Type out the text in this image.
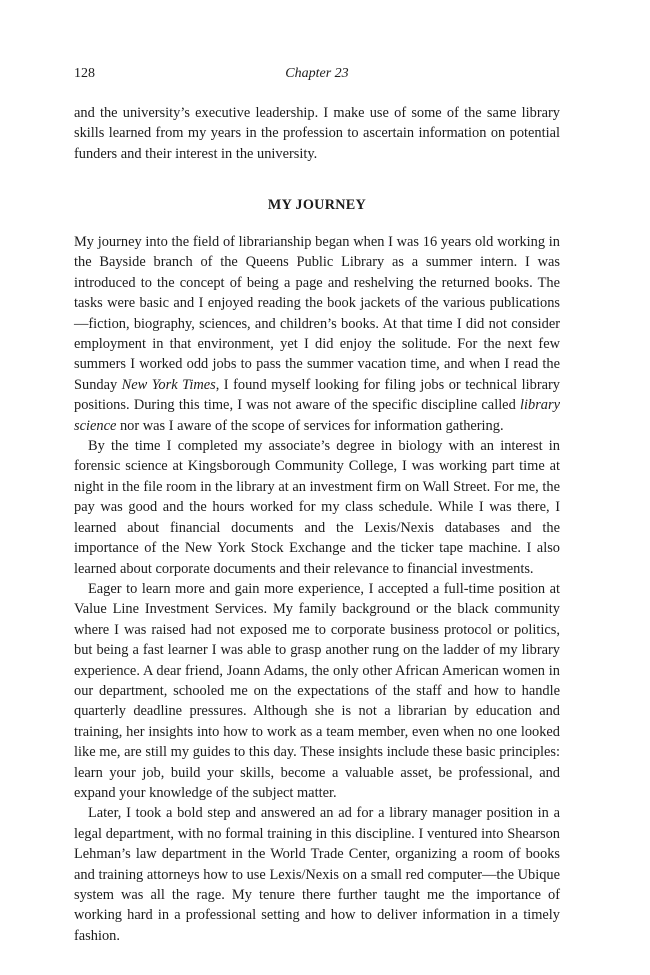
128	Chapter 23

and the university’s executive leadership. I make use of some of the same library skills learned from my years in the profession to ascertain information on potential funders and their interest in the university.

MY JOURNEY

My journey into the field of librarianship began when I was 16 years old working in the Bayside branch of the Queens Public Library as a summer intern. I was introduced to the concept of being a page and reshelving the returned books. The tasks were basic and I enjoyed reading the book jackets of the various publications—fiction, biography, sciences, and children’s books. At that time I did not consider employment in that environment, yet I did enjoy the solitude. For the next few summers I worked odd jobs to pass the summer vacation time, and when I read the Sunday New York Times, I found myself looking for filing jobs or technical library positions. During this time, I was not aware of the specific discipline called library science nor was I aware of the scope of services for information gathering.

By the time I completed my associate’s degree in biology with an interest in forensic science at Kingsborough Community College, I was working part time at night in the file room in the library at an investment firm on Wall Street. For me, the pay was good and the hours worked for my class schedule. While I was there, I learned about financial documents and the Lexis/Nexis databases and the importance of the New York Stock Exchange and the ticker tape machine. I also learned about corporate documents and their relevance to financial investments.

Eager to learn more and gain more experience, I accepted a full-time position at Value Line Investment Services. My family background or the black community where I was raised had not exposed me to corporate business protocol or politics, but being a fast learner I was able to grasp another rung on the ladder of my library experience. A dear friend, Joann Adams, the only other African American women in our department, schooled me on the expectations of the staff and how to handle quarterly deadline pressures. Although she is not a librarian by education and training, her insights into how to work as a team member, even when no one looked like me, are still my guides to this day. These insights include these basic principles: learn your job, build your skills, become a valuable asset, be professional, and expand your knowledge of the subject matter.

Later, I took a bold step and answered an ad for a library manager position in a legal department, with no formal training in this discipline. I ventured into Shearson Lehman’s law department in the World Trade Center, organizing a room of books and training attorneys how to use Lexis/Nexis on a small red computer—the Ubique system was all the rage. My tenure there further taught me the importance of working hard in a professional setting and how to deliver information in a timely fashion.
